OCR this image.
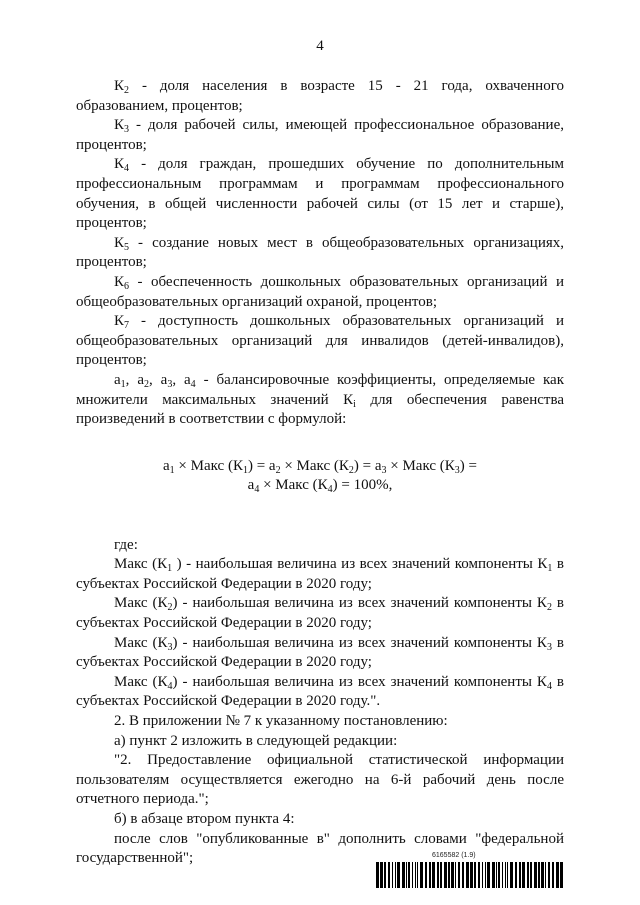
4

$К_2$ - доля населения в возрасте 15 - 21 года, охваченного образованием, процентов;

$К_3$ - доля рабочей силы, имеющей профессиональное образование, процентов;

$К_4$ - доля граждан, прошедших обучение по дополнительным профессиональным программам и программам профессионального обучения, в общей численности рабочей силы (от 15 лет и старше), процентов;

$К_5$ - создание новых мест в общеобразовательных организациях, процентов;

$К_6$ - обеспеченность дошкольных образовательных организаций и общеобразовательных организаций охраной, процентов;

$К_7$ - доступность дошкольных образовательных организаций и общеобразовательных организаций для инвалидов (детей-инвалидов), процентов;

$а_1$, $а_2$, $а_3$, $а_4$ - балансировочные коэффициенты, определяемые как множители максимальных значений $К_i$ для обеспечения равенства произведений в соответствии с формулой:

$а_1$ × Макс $(К_1) = а_2$ × Макс $(К_2) = а_3$ × Макс $(К_3)$ =
$а_4$ × Макс $(К_4) = 100\%$,

где:

Макс ($К_1$ ) - наибольшая величина из всех значений компоненты $К_1$ в субъектах Российской Федерации в 2020 году;

Макс $(К_2)$ - наибольшая величина из всех значений компоненты $К_2$ в субъектах Российской Федерации в 2020 году;

Макс $(К_3)$ - наибольшая величина из всех значений компоненты $К_3$ в субъектах Российской Федерации в 2020 году;

Макс $(К_4)$ - наибольшая величина из всех значений компоненты $К_4$ в субъектах Российской Федерации в 2020 году.".

2. В приложении № 7 к указанному постановлению:

а) пункт 2 изложить в следующей редакции:

"2. Предоставление официальной статистической информации пользователям осуществляется ежегодно на 6-й рабочий день после отчетного периода.";

б) в абзаце втором пункта 4:

после слов "опубликованные в" дополнить словами "федеральной государственной";	6165582 (1.9)
